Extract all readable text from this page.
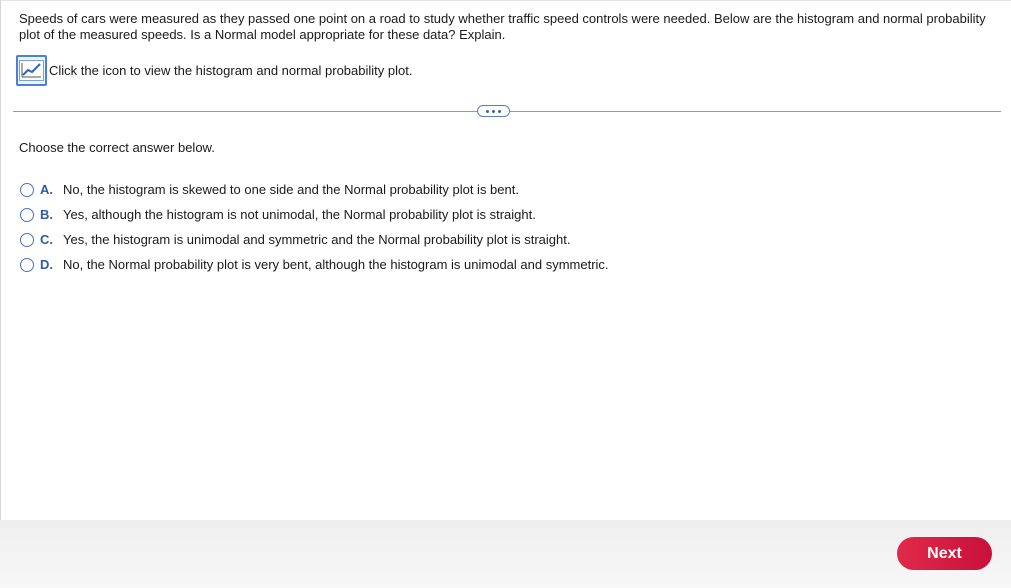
Speeds of cars were measured as they passed one point on a road to study whether traffic speed controls were needed. Below are the histogram and normal probability plot of the measured speeds. Is a Normal model appropriate for these data? Explain.

Click the icon to view the histogram and normal probability plot.

Choose the correct answer below.

A. No, the histogram is skewed to one side and the Normal probability plot is bent.
B. Yes, although the histogram is not unimodal, the Normal probability plot is straight.
C. Yes, the histogram is unimodal and symmetric and the Normal probability plot is straight.
D. No, the Normal probability plot is very bent, although the histogram is unimodal and symmetric.
Next
